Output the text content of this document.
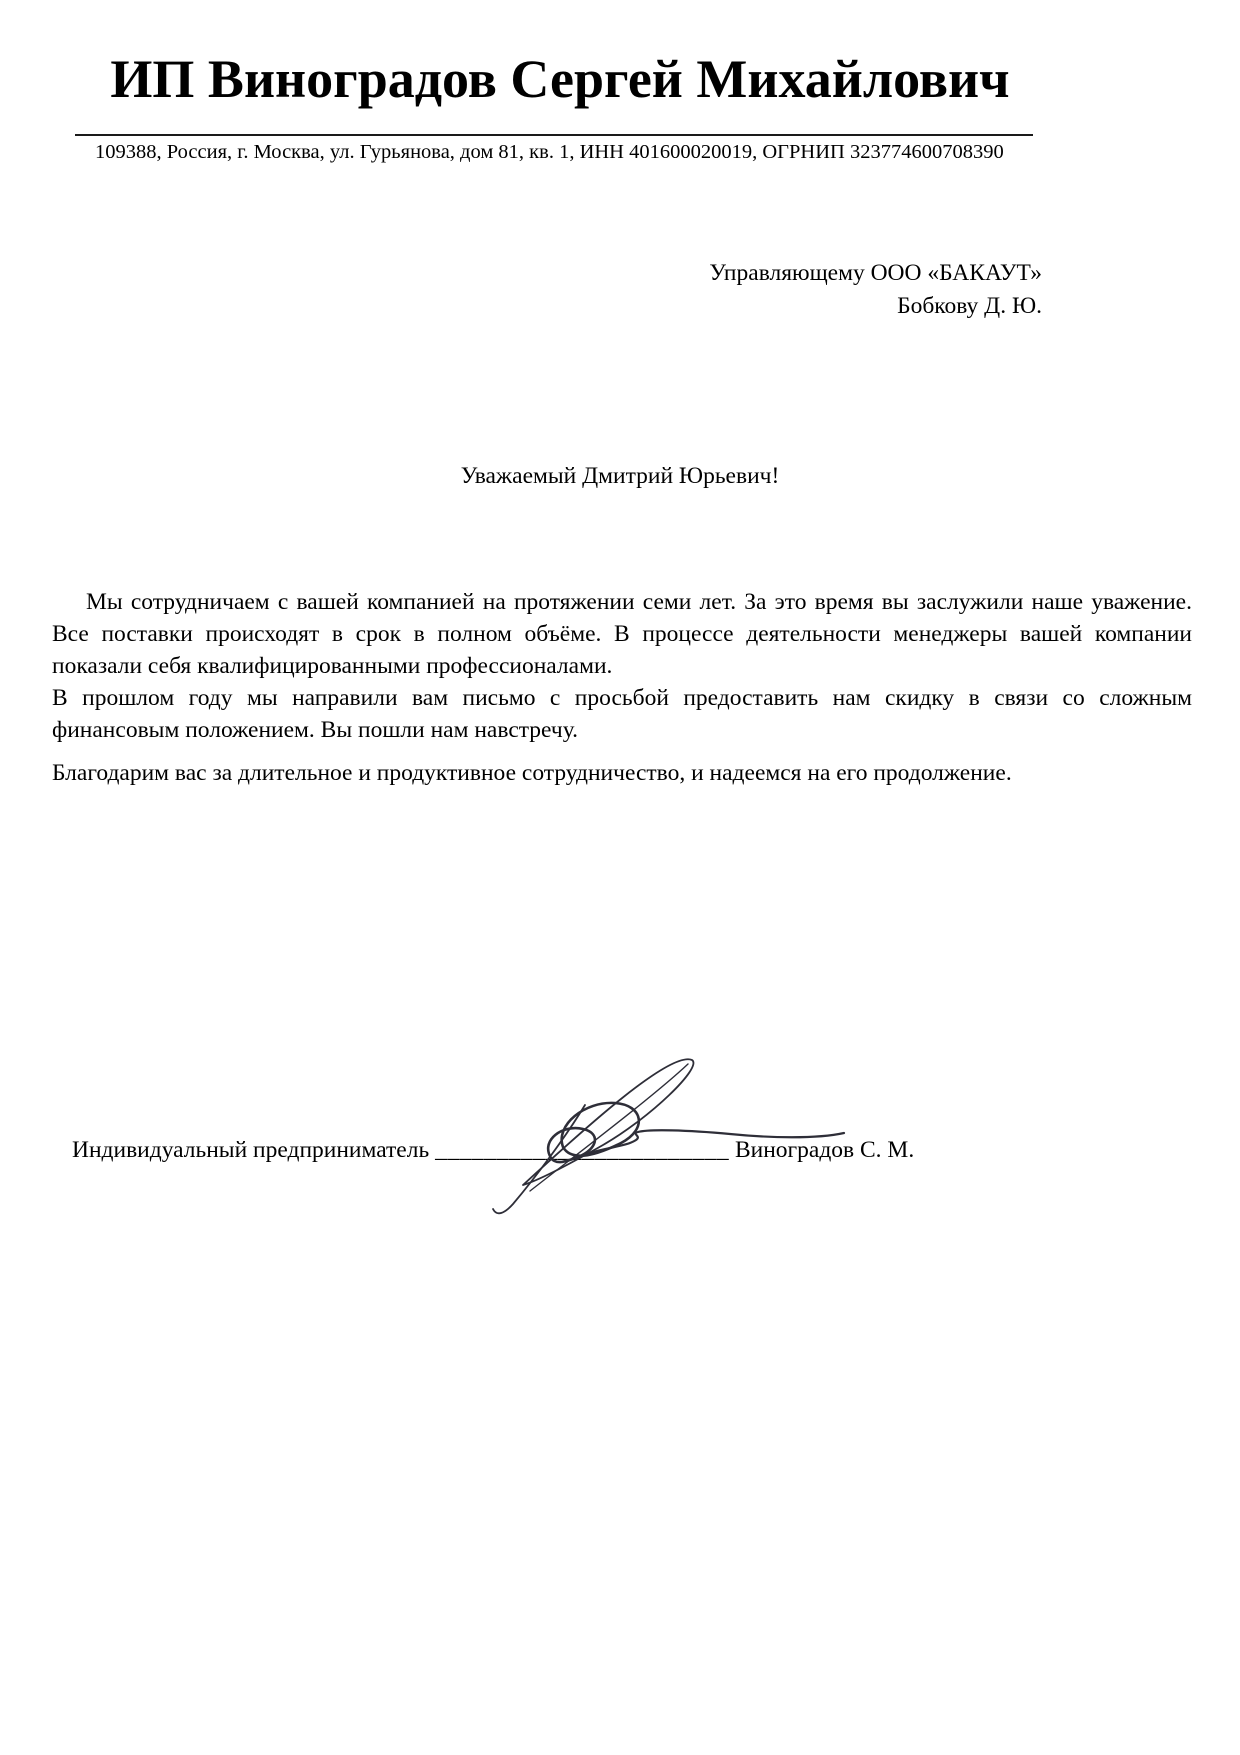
ИП Виноградов Сергей Михайлович
109388, Россия, г. Москва, ул. Гурьянова, дом 81, кв. 1, ИНН 401600020019, ОГРНИП 323774600708390
Управляющему ООО «БАКАУТ»
Бобкову Д. Ю.
Уважаемый Дмитрий Юрьевич!

Мы сотрудничаем с вашей компанией на протяжении семи лет. За это время вы заслужили наше уважение. Все поставки происходят в срок в полном объёме. В процессе деятельности менеджеры вашей компании показали себя квалифицированными профессионалами.

В прошлом году мы направили вам письмо с просьбой предоставить нам скидку в связи со сложным финансовым положением. Вы пошли нам навстречу.

Благодарим вас за длительное и продуктивное сотрудничество, и надеемся на его продолжение.

Индивидуальный предприниматель ________________________ Виноградов С. М.
